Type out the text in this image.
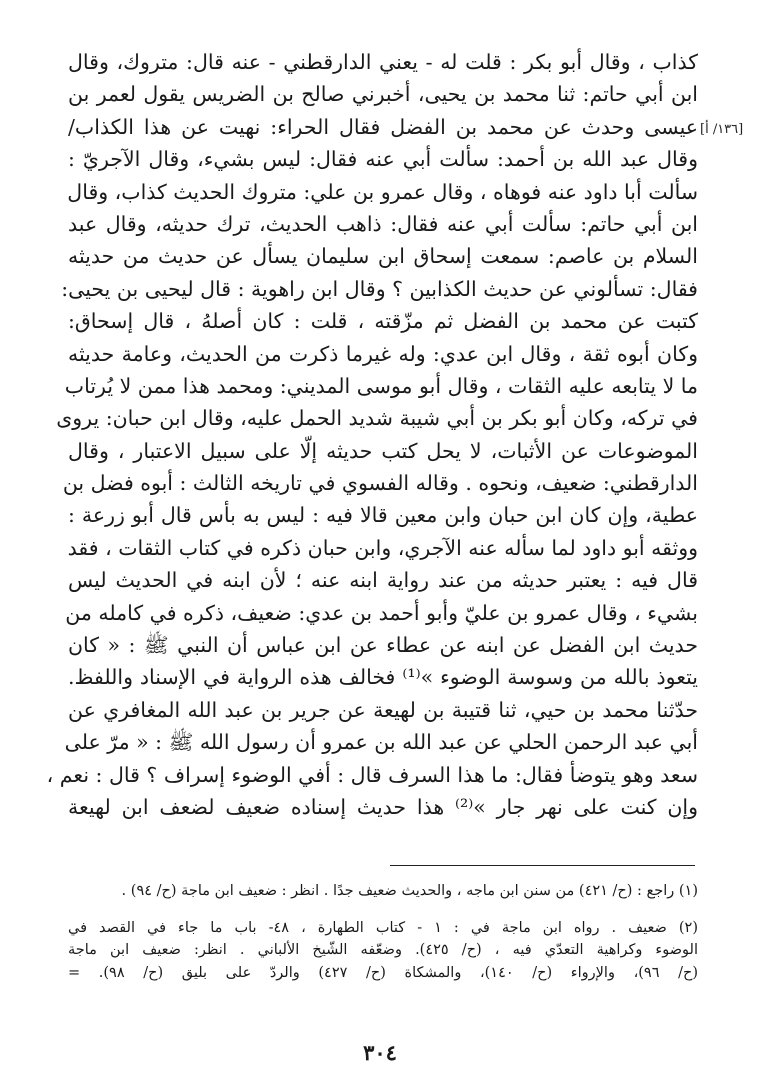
[١٣٦/ أ]
كذاب ، وقال أبو بكر : قلت له - يعني الدارقطني - عنه قال: متروك، وقال
ابن أبي حاتم: ثنا محمد بن يحيى، أخبرني صالح بن الضريس يقول لعمر بن
عيسى وحدث عن محمد بن الفضل فقال الحراء: نهيت عن هذا الكذاب/
وقال عبد الله بن أحمد: سألت أبي عنه فقال: ليس بشيء، وقال الآجريّ :
سألت أبا داود عنه فوهاه ، وقال عمرو بن علي: متروك الحديث كذاب، وقال
ابن أبي حاتم: سألت أبي عنه فقال: ذاهب الحديث، ترك حديثه، وقال عبد
السلام بن عاصم: سمعت إسحاق ابن سليمان يسأل عن حديث من حديثه
فقال: تسألوني عن حديث الكذابين ؟ وقال ابن راهوية : قال ليحيى بن يحيى:
كتبت عن محمد بن الفضل ثم مزّقته ، قلت : كان أصلهُ ، قال إسحاق:
وكان أبوه ثقة ، وقال ابن عدي: وله غيرما ذكرت من الحديث، وعامة حديثه
ما لا يتابعه عليه الثقات ، وقال أبو موسى المديني: ومحمد هذا ممن لا يُرتاب
في تركه، وكان أبو بكر بن أبي شيبة شديد الحمل عليه، وقال ابن حبان: يروى
الموضوعات عن الأثبات، لا يحل كتب حديثه إلّا على سبيل الاعتبار ، وقال
الدارقطني: ضعيف، ونحوه . وقاله الفسوي في تاريخه الثالث : أبوه فضل بن
عطية، وإن كان ابن حبان وابن معين قالا فيه : ليس به بأس قال أبو زرعة :
ووثقه أبو داود لما سأله عنه الآجري، وابن حبان ذكره في كتاب الثقات ، فقد
قال فيه : يعتبر حديثه من عند رواية ابنه عنه ؛ لأن ابنه في الحديث ليس
بشيء ، وقال عمرو بن عليّ وأبو أحمد بن عدي: ضعيف، ذكره في كامله من
حديث ابن الفضل عن ابنه عن عطاء عن ابن عباس أن النبي ﷺ : « كان
يتعوذ بالله من وسوسة الوضوء »⁽¹⁾ فخالف هذه الرواية في الإسناد واللفظ.
حدّثنا محمد بن حيي، ثنا قتيبة بن لهيعة عن جرير بن عبد الله المغافري عن
أبي عبد الرحمن الحلي عن عبد الله بن عمرو أن رسول الله ﷺ : « مرّ على
سعد وهو يتوضأ فقال: ما هذا السرف قال : أفي الوضوء إسراف ؟ قال : نعم ،
وإن كنت على نهر جار »⁽²⁾ هذا حديث إسناده ضعيف لضعف ابن لهيعة
(١) راجع : (ح/ ٤٢١) من سنن ابن ماجه ، والحديث ضعيف جدًا . انظر : ضعيف ابن ماجة (ح/ ٩٤) .
(٢) ضعيف . رواه ابن ماجة في : ١ - كتاب الطهارة ، ٤٨- باب ما جاء في القصد في
الوضوء وكراهية التعدّي فيه ، (ح/ ٤٢٥). وضعّفه الشّيخ الألباني . انظر: ضعيف ابن ماجة
(ح/ ٩٦)، والإرواء (ح/ ١٤٠)، والمشكاة (ح/ ٤٢٧) والردّ على بليق (ح/ ٩٨). =
٣٠٤
